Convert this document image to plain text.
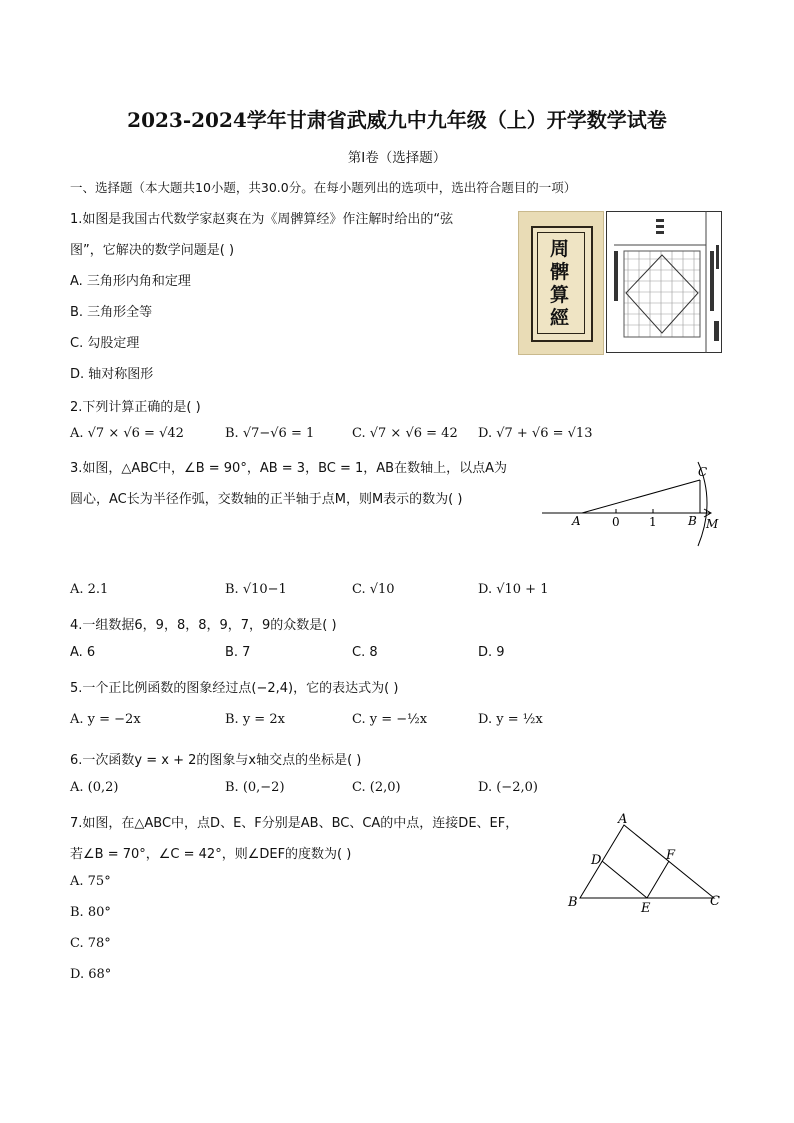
2023-2024学年甘肃省武威九中九年级（上）开学数学试卷
第I卷（选择题）
一、选择题（本大题共10小题，共30.0分。在每小题列出的选项中，选出符合题目的一项）
1.如图是我国古代数学家赵爽在为《周髀算经》作注解时给出的“弦
图”，它解决的数学问题是( )
A. 三角形内角和定理
B. 三角形全等
C. 勾股定理
D. 轴对称图形
周髀算經
2.下列计算正确的是( )
A. √7 × √6 = √42	B. √7−√6 = 1	C. √7 × √6 = 42 D. √7 + √6 = √13
3.如图，△ABC中，∠B = 90°，AB = 3，BC = 1，AB在数轴上，以点A为
圆心，AC长为半径作弧，交数轴的正半轴于点M，则M表示的数为( )
A	0 1	B M
C
A. 2.1	B. √10−1	C. √10	D. √10 + 1
4.一组数据6，9，8，8，9，7，9的众数是( )
A. 6	B. 7	C. 8	D. 9
5.一个正比例函数的图象经过点(−2,4)，它的表达式为( )
A. y = −2x	B. y = 2x	C. y = −½x	D. y = ½x
6.一次函数y = x + 2的图象与x轴交点的坐标是( )
A. (0,2)	B. (0,−2)	C. (2,0)	D. (−2,0)
7.如图，在△ABC中，点D、E、F分别是AB、BC、CA的中点，连接DE、EF，
若∠B = 70°，∠C = 42°，则∠DEF的度数为( )
A. 75°
B. 80°
C. 78°
D. 68°
A
B	C
D
E
F
